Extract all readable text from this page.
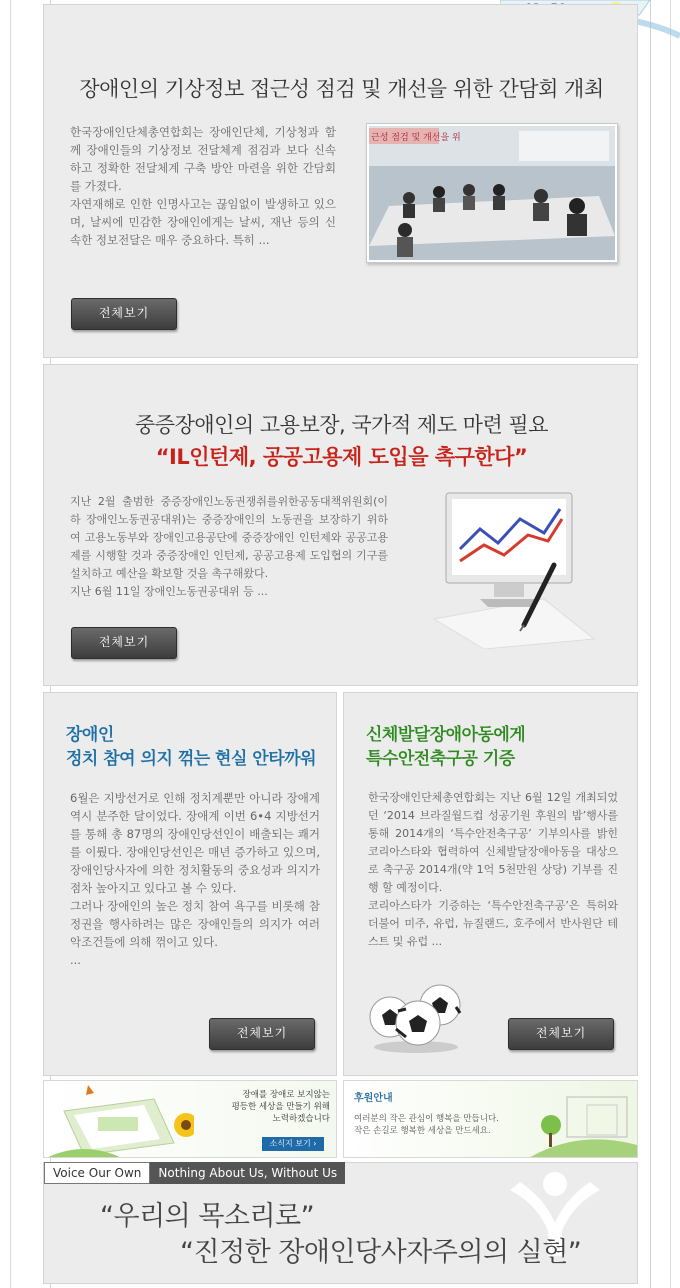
장애인의 기상정보 접근성 점검 및 개선을 위한 간담회 개최

한국장애인단체총연합회는 장애인단체, 기상청과 함께 장애인들의 기상정보 전달체계 점검과 보다 신속하고 정확한 전달체계 구축 방안 마련을 위한 간담회를 가졌다.
자연재해로 인한 인명사고는 끊임없이 발생하고 있으며, 날씨에 민감한 장애인에게는 날씨, 재난 등의 신속한 정보전달은 매우 중요하다. 특히 ...

근성 점검 및 개선을 위
전체보기
중증장애인의 고용보장, 국가적 제도 마련 필요
“IL인턴제, 공공고용제 도입을 촉구한다”

지난 2월 출범한 중증장애인노동권쟁취를위한공동대책위원회(이하 장애인노동권공대위)는 중증장애인의 노동권을 보장하기 위하여 고용노동부와 장애인고용공단에 중증장애인 인턴제와 공공고용제를 시행할 것과 중증장애인 인턴제, 공공고용제 도입협의 기구를 설치하고 예산을 확보할 것을 촉구해왔다.
지난 6월 11일 장애인노동권공대위 등 ...

전체보기
장애인
정치 참여 의지 꺾는 현실 안타까워

6월은 지방선거로 인해 정치계뿐만 아니라 장애계 역시 분주한 달이었다. 장애계 이번 6•4 지방선거를 통해 총 87명의 장애인당선인이 배출되는 쾌거를 이뤘다. 장애인당선인은 매년 증가하고 있으며, 장애인당사자에 의한 정치활동의 중요성과 의지가 점차 높아지고 있다고 볼 수 있다.
그러나 장애인의 높은 정치 참여 욕구를 비롯해 참정권을 행사하려는 많은 장애인들의 의지가 여러 악조건들에 의해 꺾이고 있다.
...

전체보기
신체발달장애아동에게
특수안전축구공 기증

한국장애인단체총연합회는 지난 6월 12일 개최되었던 ‘2014 브라질월드컵 성공기원 후원의 밤’행사를 통해 2014개의 ‘특수안전축구공’ 기부의사를 밝힌 코리아스타와 협력하여 신체발달장애아동을 대상으로 축구공 2014개(약 1억 5천만원 상당) 기부를 진행 할 예정이다.
코리아스타가 기증하는 ‘특수안전축구공’은 특허와 더불어 미주, 유럽, 뉴질랜드, 호주에서 반사원단 테스트 및 유럽 ...

전체보기
장애를 장애로 보지않는
평등한 세상을 만들기 위해
노력하겠습니다
소식지 보기 ›
후원안내
여러분의 작은 관심이 행복을 만듭니다.
작은 손길로 행복한 세상을 만드세요.
Voice Our Own	Nothing About Us, Without Us
“우리의 목소리로”
“진정한 장애인당사자주의의 실현”
